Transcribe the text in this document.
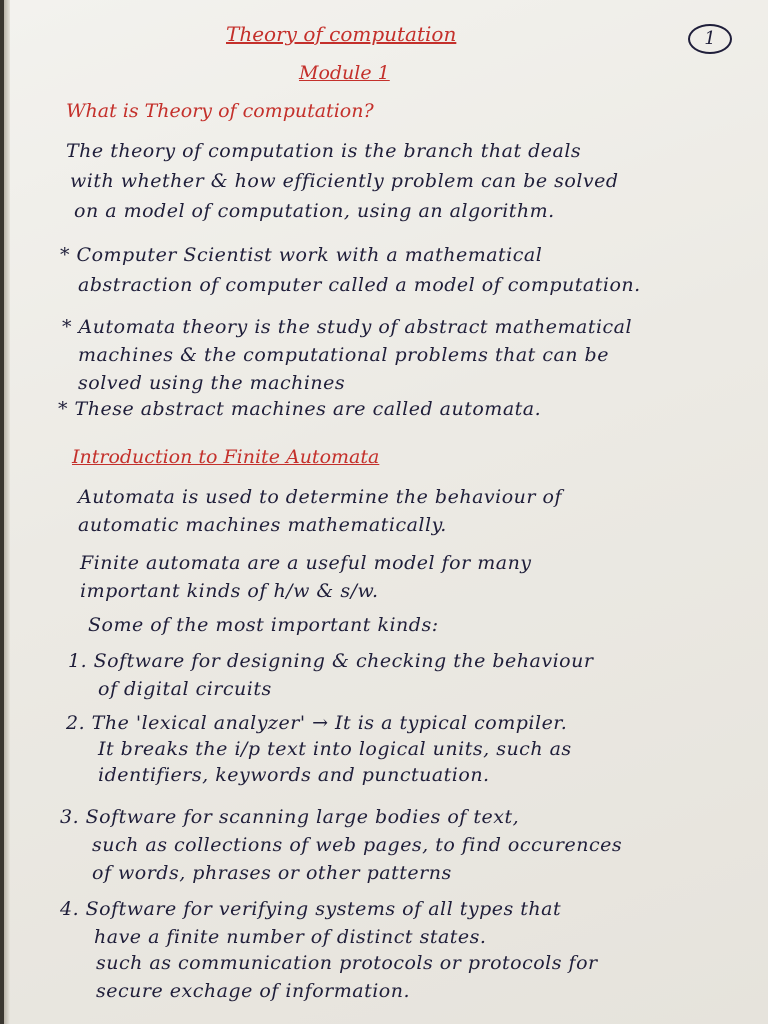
Theory of computation	1
Module 1
What is Theory of computation?
The theory of computation is the branch that deals
with whether & how efficiently problem can be solved
on a model of computation, using an algorithm.
* Computer Scientist work with a mathematical
abstraction of computer called a model of computation.
* Automata theory is the study of abstract mathematical
machines & the computational problems that can be
solved using the machines
* These abstract machines are called automata.
Introduction to Finite Automata
Automata is used to determine the behaviour of
automatic machines mathematically.
Finite automata are a useful model for many
important kinds of h/w & s/w.
Some of the most important kinds:
1. Software for designing & checking the behaviour
of digital circuits
2. The 'lexical analyzer' → It is a typical compiler.
It breaks the i/p text into logical units, such as
identifiers, keywords and punctuation.
3. Software for scanning large bodies of text,
such as collections of web pages, to find occurences
of words, phrases or other patterns
4. Software for verifying systems of all types that
have a finite number of distinct states.
such as communication protocols or protocols for
secure exchage of information.
